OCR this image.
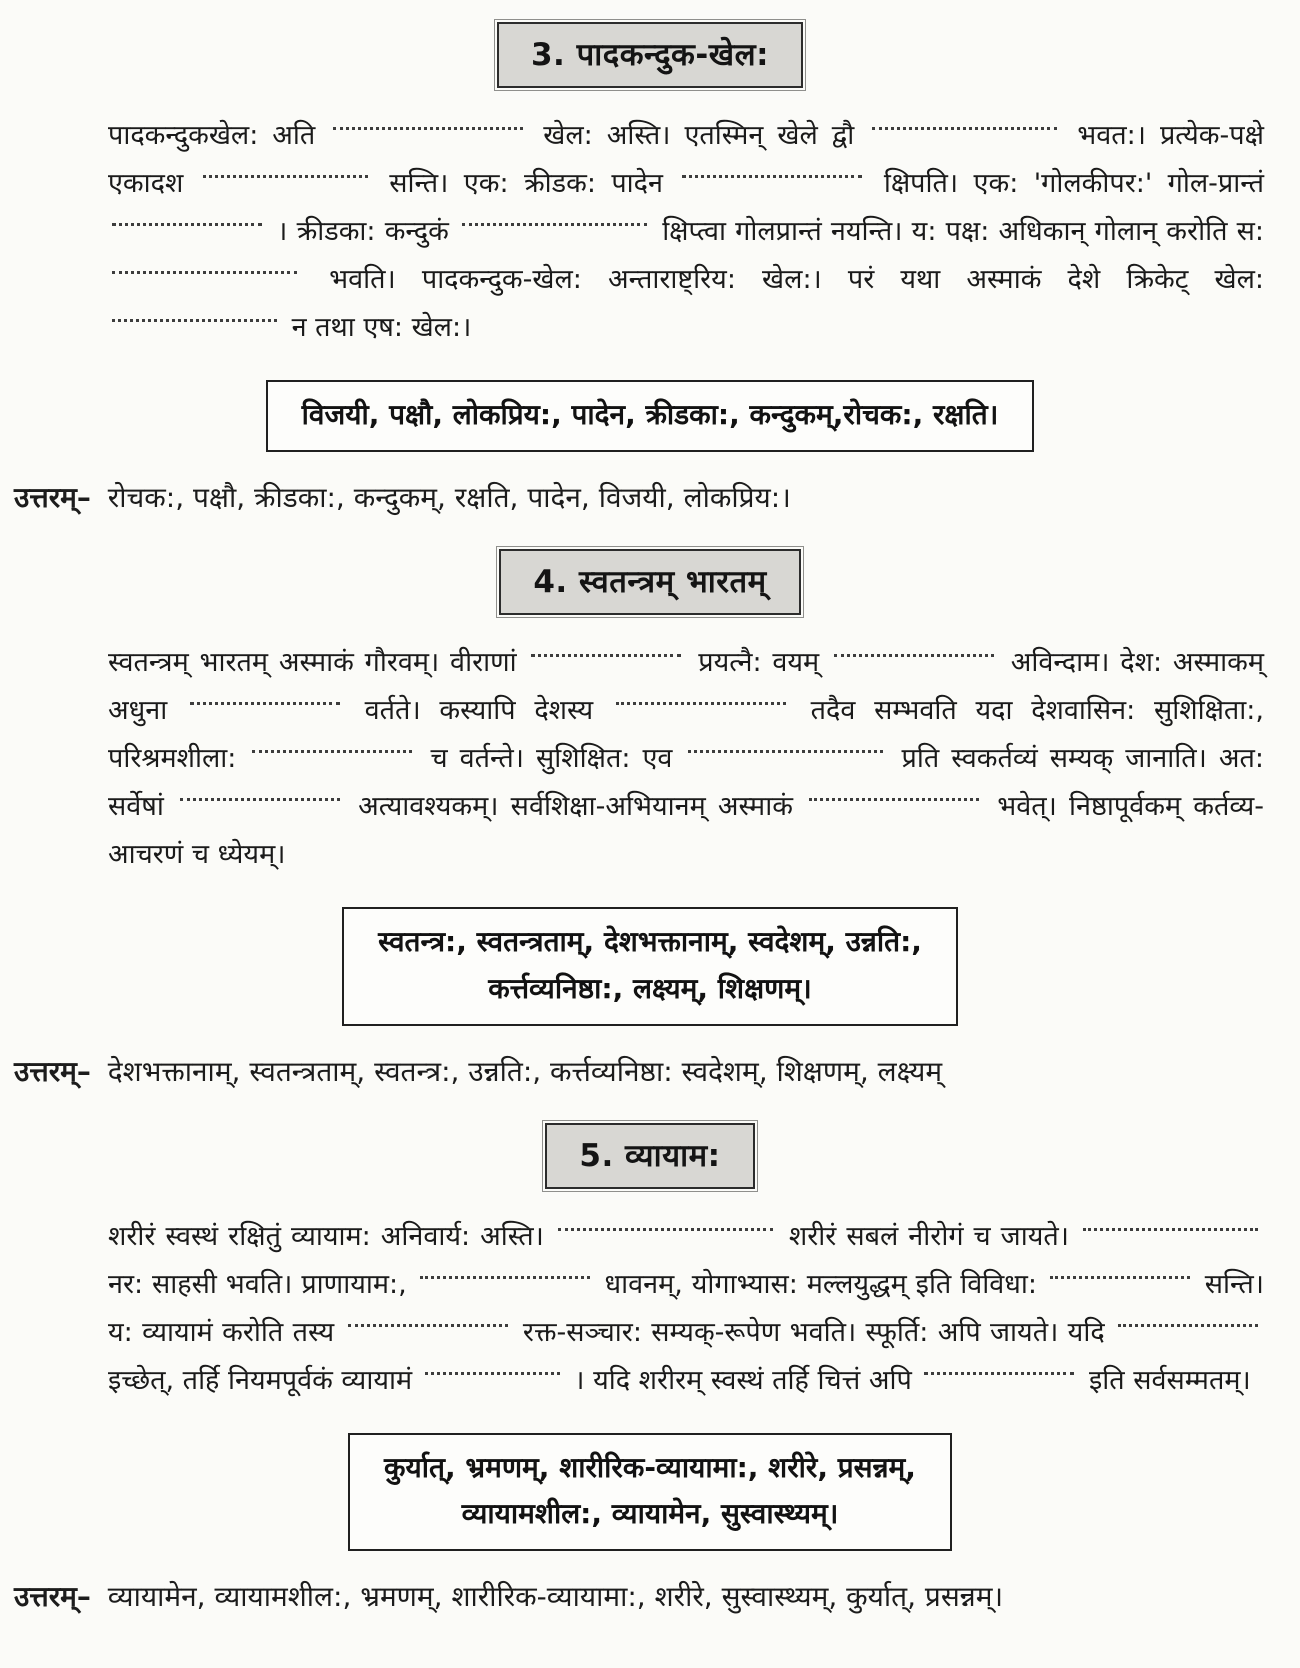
3. पादकन्दुक-खेल:

पादकन्दुकखेल: अति	खेल: अस्ति। एतस्मिन् खेले द्वौ	भवत:। प्रत्येक-पक्षे एकादश	सन्ति। एक: क्रीडक: पादेन	क्षिपति। एक: 'गोलकीपर:' गोल-प्रान्तं  । क्रीडका: कन्दुकं	क्षिप्त्वा गोलप्रान्तं नयन्ति। य: पक्ष: अधिकान् गोलान् करोति स:  भवति। पादकन्दुक-खेल: अन्ताराष्ट्रिय: खेल:। परं यथा अस्माकं देशे क्रिकेट् खेल:  न तथा एष: खेल:।

विजयी, पक्षौ, लोकप्रिय:, पादेन, क्रीडका:, कन्दुकम्,रोचक:, रक्षति।

उत्तरम्– रोचक:, पक्षौ, क्रीडका:, कन्दुकम्, रक्षति, पादेन, विजयी, लोकप्रिय:।

4. स्वतन्त्रम् भारतम्

स्वतन्त्रम् भारतम् अस्माकं गौरवम्। वीराणां	प्रयत्नै: वयम्	अविन्दाम। देश: अस्माकम् अधुना	वर्तते। कस्यापि देशस्य	तदैव सम्भवति यदा देशवासिन: सुशिक्षिता:, परिश्रमशीला:	च वर्तन्ते। सुशिक्षित: एव	प्रति स्वकर्तव्यं सम्यक् जानाति। अत: सर्वेषां	अत्यावश्यकम्। सर्वशिक्षा-अभियानम् अस्माकं	भवेत्। निष्ठापूर्वकम् कर्तव्य-आचरणं च ध्येयम्।

स्वतन्त्र:, स्वतन्त्रताम्, देशभक्तानाम्, स्वदेशम्, उन्नति:,
कर्त्तव्यनिष्ठा:, लक्ष्यम्, शिक्षणम्।

उत्तरम्– देशभक्तानाम्, स्वतन्त्रताम्, स्वतन्त्र:, उन्नति:, कर्त्तव्यनिष्ठा: स्वदेशम्, शिक्षणम्, लक्ष्यम्

5. व्यायाम:

शरीरं स्वस्थं रक्षितुं व्यायाम: अनिवार्य: अस्ति।	शरीरं सबलं नीरोगं च जायते।  नर: साहसी भवति। प्राणायाम:,	धावनम्, योगाभ्यास: मल्लयुद्धम् इति विविधा:	सन्ति। य: व्यायामं करोति तस्य	रक्त-सञ्चार: सम्यक्-रूपेण भवति। स्फूर्ति: अपि जायते। यदि  इच्छेत्, तर्हि नियमपूर्वकं व्यायामं	। यदि शरीरम् स्वस्थं तर्हि चित्तं अपि	इति सर्वसम्मतम्।

कुर्यात्, भ्रमणम्, शारीरिक-व्यायामा:, शरीरे, प्रसन्नम्,
व्यायामशील:, व्यायामेन, सुस्वास्थ्यम्।

उत्तरम्– व्यायामेन, व्यायामशील:, भ्रमणम्, शारीरिक-व्यायामा:, शरीरे, सुस्वास्थ्यम्, कुर्यात्, प्रसन्नम्।
